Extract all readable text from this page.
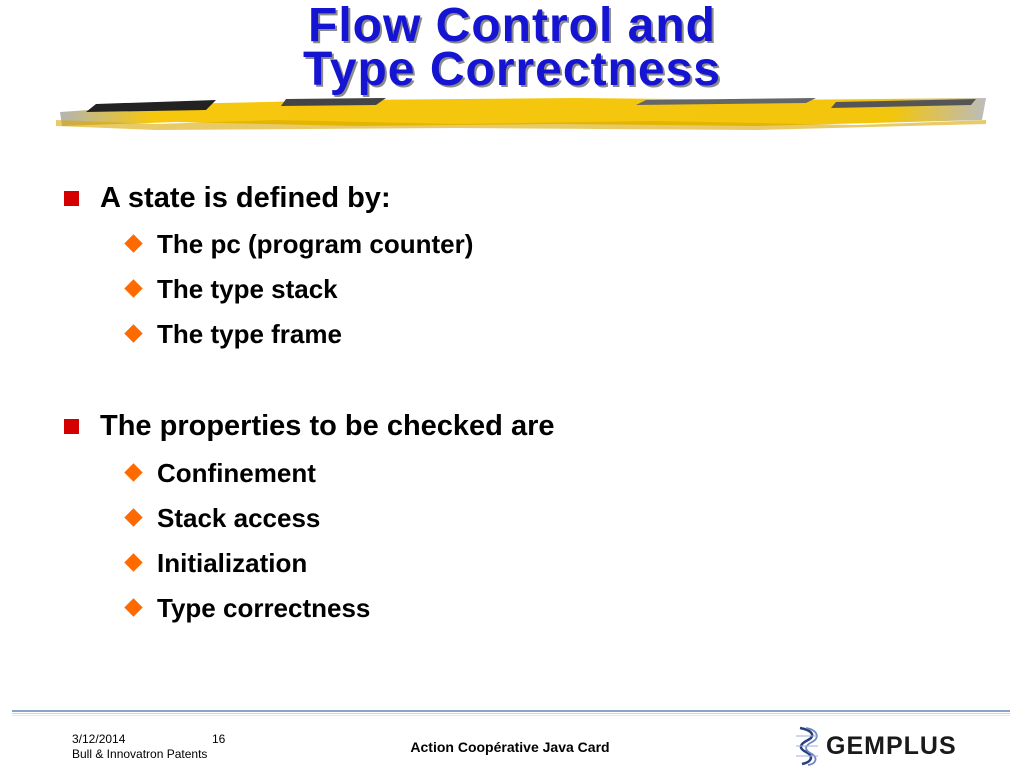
Flow Control and
Type Correctness
A state is defined by:
The pc (program counter)
The type stack
The type frame
The properties to be checked are
Confinement
Stack access
Initialization
Type correctness
3/12/2014
Bull & Innovatron Patents
16	Action Coopérative Java Card	GEMPLUS
